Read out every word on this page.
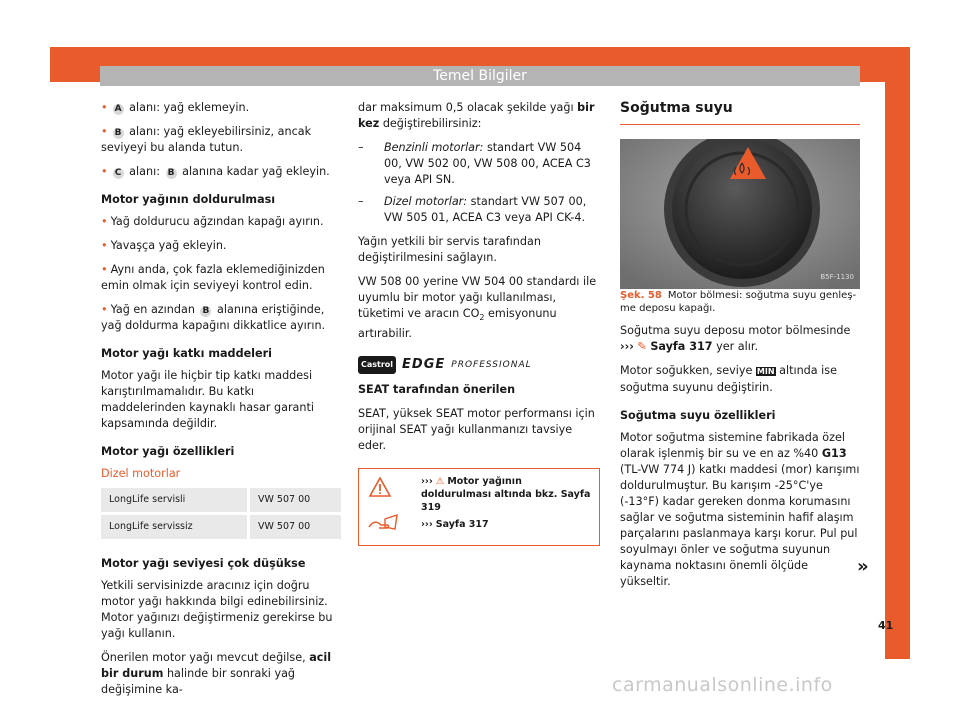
Temel Bilgiler

• A alanı: yağ eklemeyin.

• B alanı: yağ ekleyebilirsiniz, ancak seviyeyi bu alanda tutun.

• C alanı: B alanına kadar yağ ekleyin.

Motor yağının doldurulması

• Yağ doldurucu ağzından kapağı ayırın.

• Yavaşça yağ ekleyin.

• Aynı anda, çok fazla eklemediğinizden emin olmak için seviyeyi kontrol edin.

• Yağ en azından B alanına eriştiğinde, yağ doldurma kapağını dikkatlice ayırın.

Motor yağı katkı maddeleri

Motor yağı ile hiçbir tip katkı maddesi karıştırılmamalıdır. Bu katkı maddelerinden kaynaklı hasar garanti kapsamında değildir.

Motor yağı özellikleri

Dizel motorlar

LongLife servisli	VW 507 00
LongLife servissiz	VW 507 00

Motor yağı seviyesi çok düşükse

Yetkili servisinizde aracınız için doğru motor yağı hakkında bilgi edinebilirsiniz. Motor yağınızı değiştirmeniz gerekirse bu yağı kullanın.

Önerilen motor yağı mevcut değilse, acil bir durum halinde bir sonraki yağ değişimine ka-

dar maksimum 0,5 olacak şekilde yağı bir kez değiştirebilirsiniz:

–	Benzinli motorlar: standart VW 504 00, VW 502 00, VW 508 00, ACEA C3 veya API SN.
–	Dizel motorlar: standart VW 507 00, VW 505 01, ACEA C3 veya API CK-4.

Yağın yetkili bir servis tarafından değiştirilmesini sağlayın.

VW 508 00 yerine VW 504 00 standardı ile uyumlu bir motor yağı kullanılması, tüketimi ve aracın $CO_2$ emisyonunu artırabilir.

Castrol EDGE PROFESSIONAL

SEAT tarafından önerilen

SEAT, yüksek SEAT motor performansı için orijinal SEAT yağı kullanmanızı tavsiye eder.

››› ⚠ Motor yağının doldurulması altında bkz. Sayfa 319
››› Sayfa 317
Soğutma suyu
B5F-1130

Şek. 58 Motor bölmesi: soğutma suyu genleşme deposu kapağı.

Soğutma suyu deposu motor bölmesinde
››› ✎ Sayfa 317 yer alır.

Motor soğukken, seviye MIN altında ise soğutma suyunu değiştirin.

Soğutma suyu özellikleri

Motor soğutma sistemine fabrikada özel olarak işlenmiş bir su ve en az %40 G13 (TL-VW 774 J) katkı maddesi (mor) karışımı doldurulmuştur. Bu karışım -25°C'ye (-13°F) kadar gereken donma korumasını sağlar ve soğutma sisteminin hafif alaşım parçalarını paslanmaya karşı korur. Pul pul soyulmayı önler ve soğutma suyunun kaynama noktasını önemli ölçüde yükseltir.

»
41
carmanualsonline.info
